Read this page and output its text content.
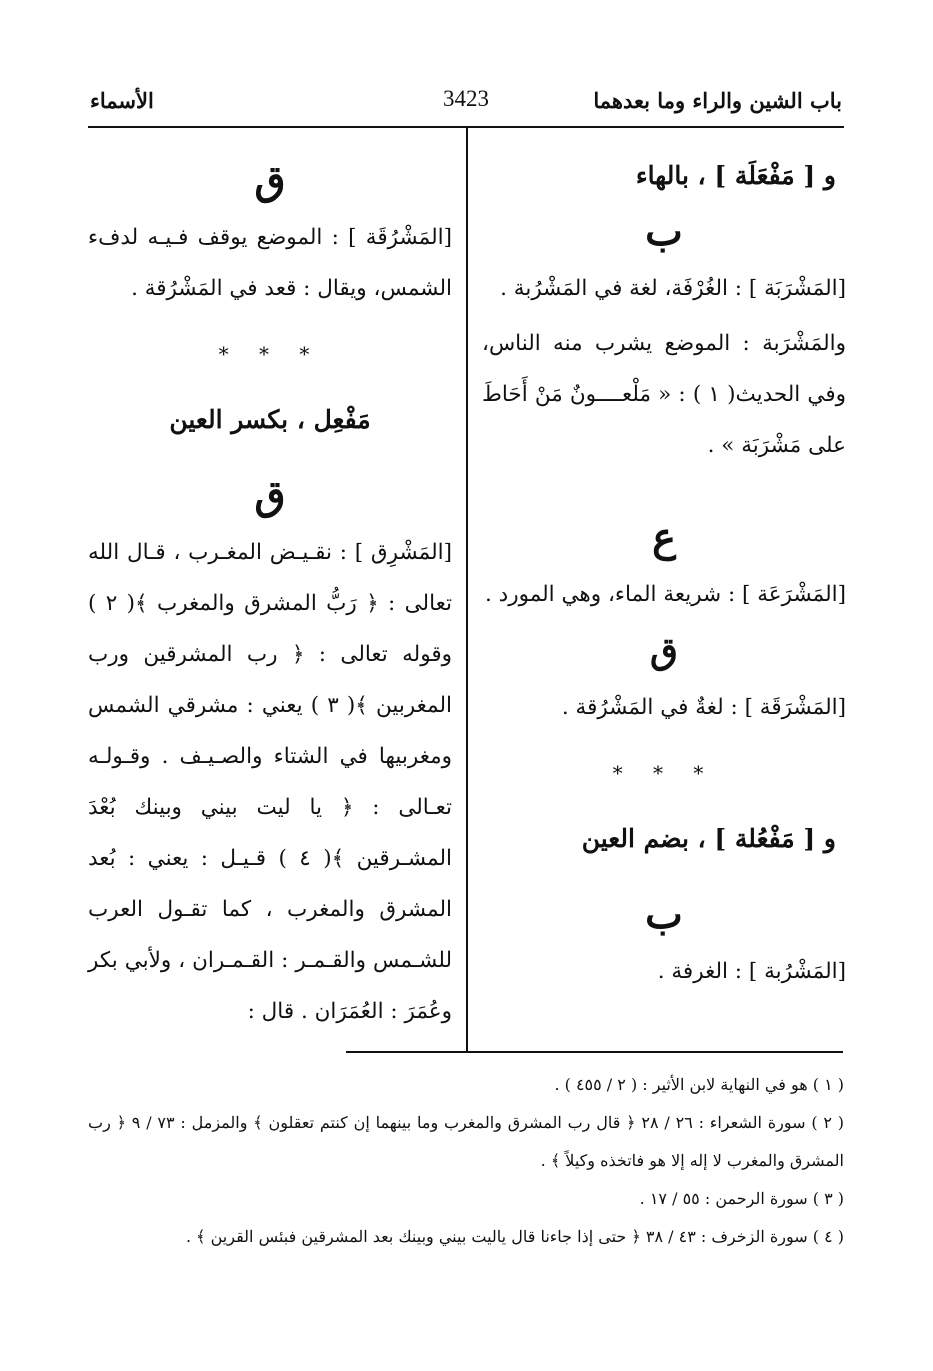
باب الشين والراء وما بعدهما
3423
الأسماء
و [ مَفْعَلَة ] ، بالهاء
ب
[المَشْرَبَة ] : الغُرْفَة، لغة في المَشْرُبة .
والمَشْرَبة : الموضع يشرب منه الناس، وفي الحديث( ١ ) : « مَلْعــــونٌ مَنْ أَحَاطَ على مَشْرَبَة » .
ع
[المَشْرَعَة ] : شريعة الماء، وهي المورد .
ق
[المَشْرَقَة ] : لغةٌ في المَشْرُقة .
* * *
و [ مَفْعُلة ] ، بضم العين
ب
[المَشْرُبة ] : الغرفة .
ق
[المَشْرُقَة ] : الموضع يوقف فـيـه لدفء الشمس، ويقال : قعد في المَشْرُقة .
* * *
مَفْعِل ، بكسر العين
ق
[المَشْرِق ] : نقـيـض المغـرب ، قـال الله تعالى : ﴿ رَبُّ المشرق والمغرب ﴾( ٢ ) وقوله تعالى : ﴿ رب المشرقين ورب المغربين ﴾( ٣ ) يعني : مشرقي الشمس ومغربيها في الشتاء والصـيـف . وقـولـه تعـالى : ﴿ يا ليت بيني وبينك بُعْدَ المشـرقين ﴾( ٤ ) قـيـل : يعني : بُعد المشرق والمغرب ، كما تقـول العرب للشـمس والقـمـر : القـمـران ، ولأبي بكر وعُمَرَ : العُمَرَان . قال :
( ١ ) هو في النهاية لابن الأثير : ( ٢ / ٤٥٥ ) .
( ٢ ) سورة الشعراء : ٢٦ / ٢٨ ﴿ قال رب المشرق والمغرب وما بينهما إن كنتم تعقلون ﴾ والمزمل : ٧٣ / ٩ ﴿ رب المشرق والمغرب لا إله إلا هو فاتخذه وكيلاً ﴾ .
( ٣ ) سورة الرحمن : ٥٥ / ١٧ .
( ٤ ) سورة الزخرف : ٤٣ / ٣٨ ﴿ حتى إذا جاءنا قال ياليت بيني وبينك بعد المشرقين فبئس القرين ﴾ .
